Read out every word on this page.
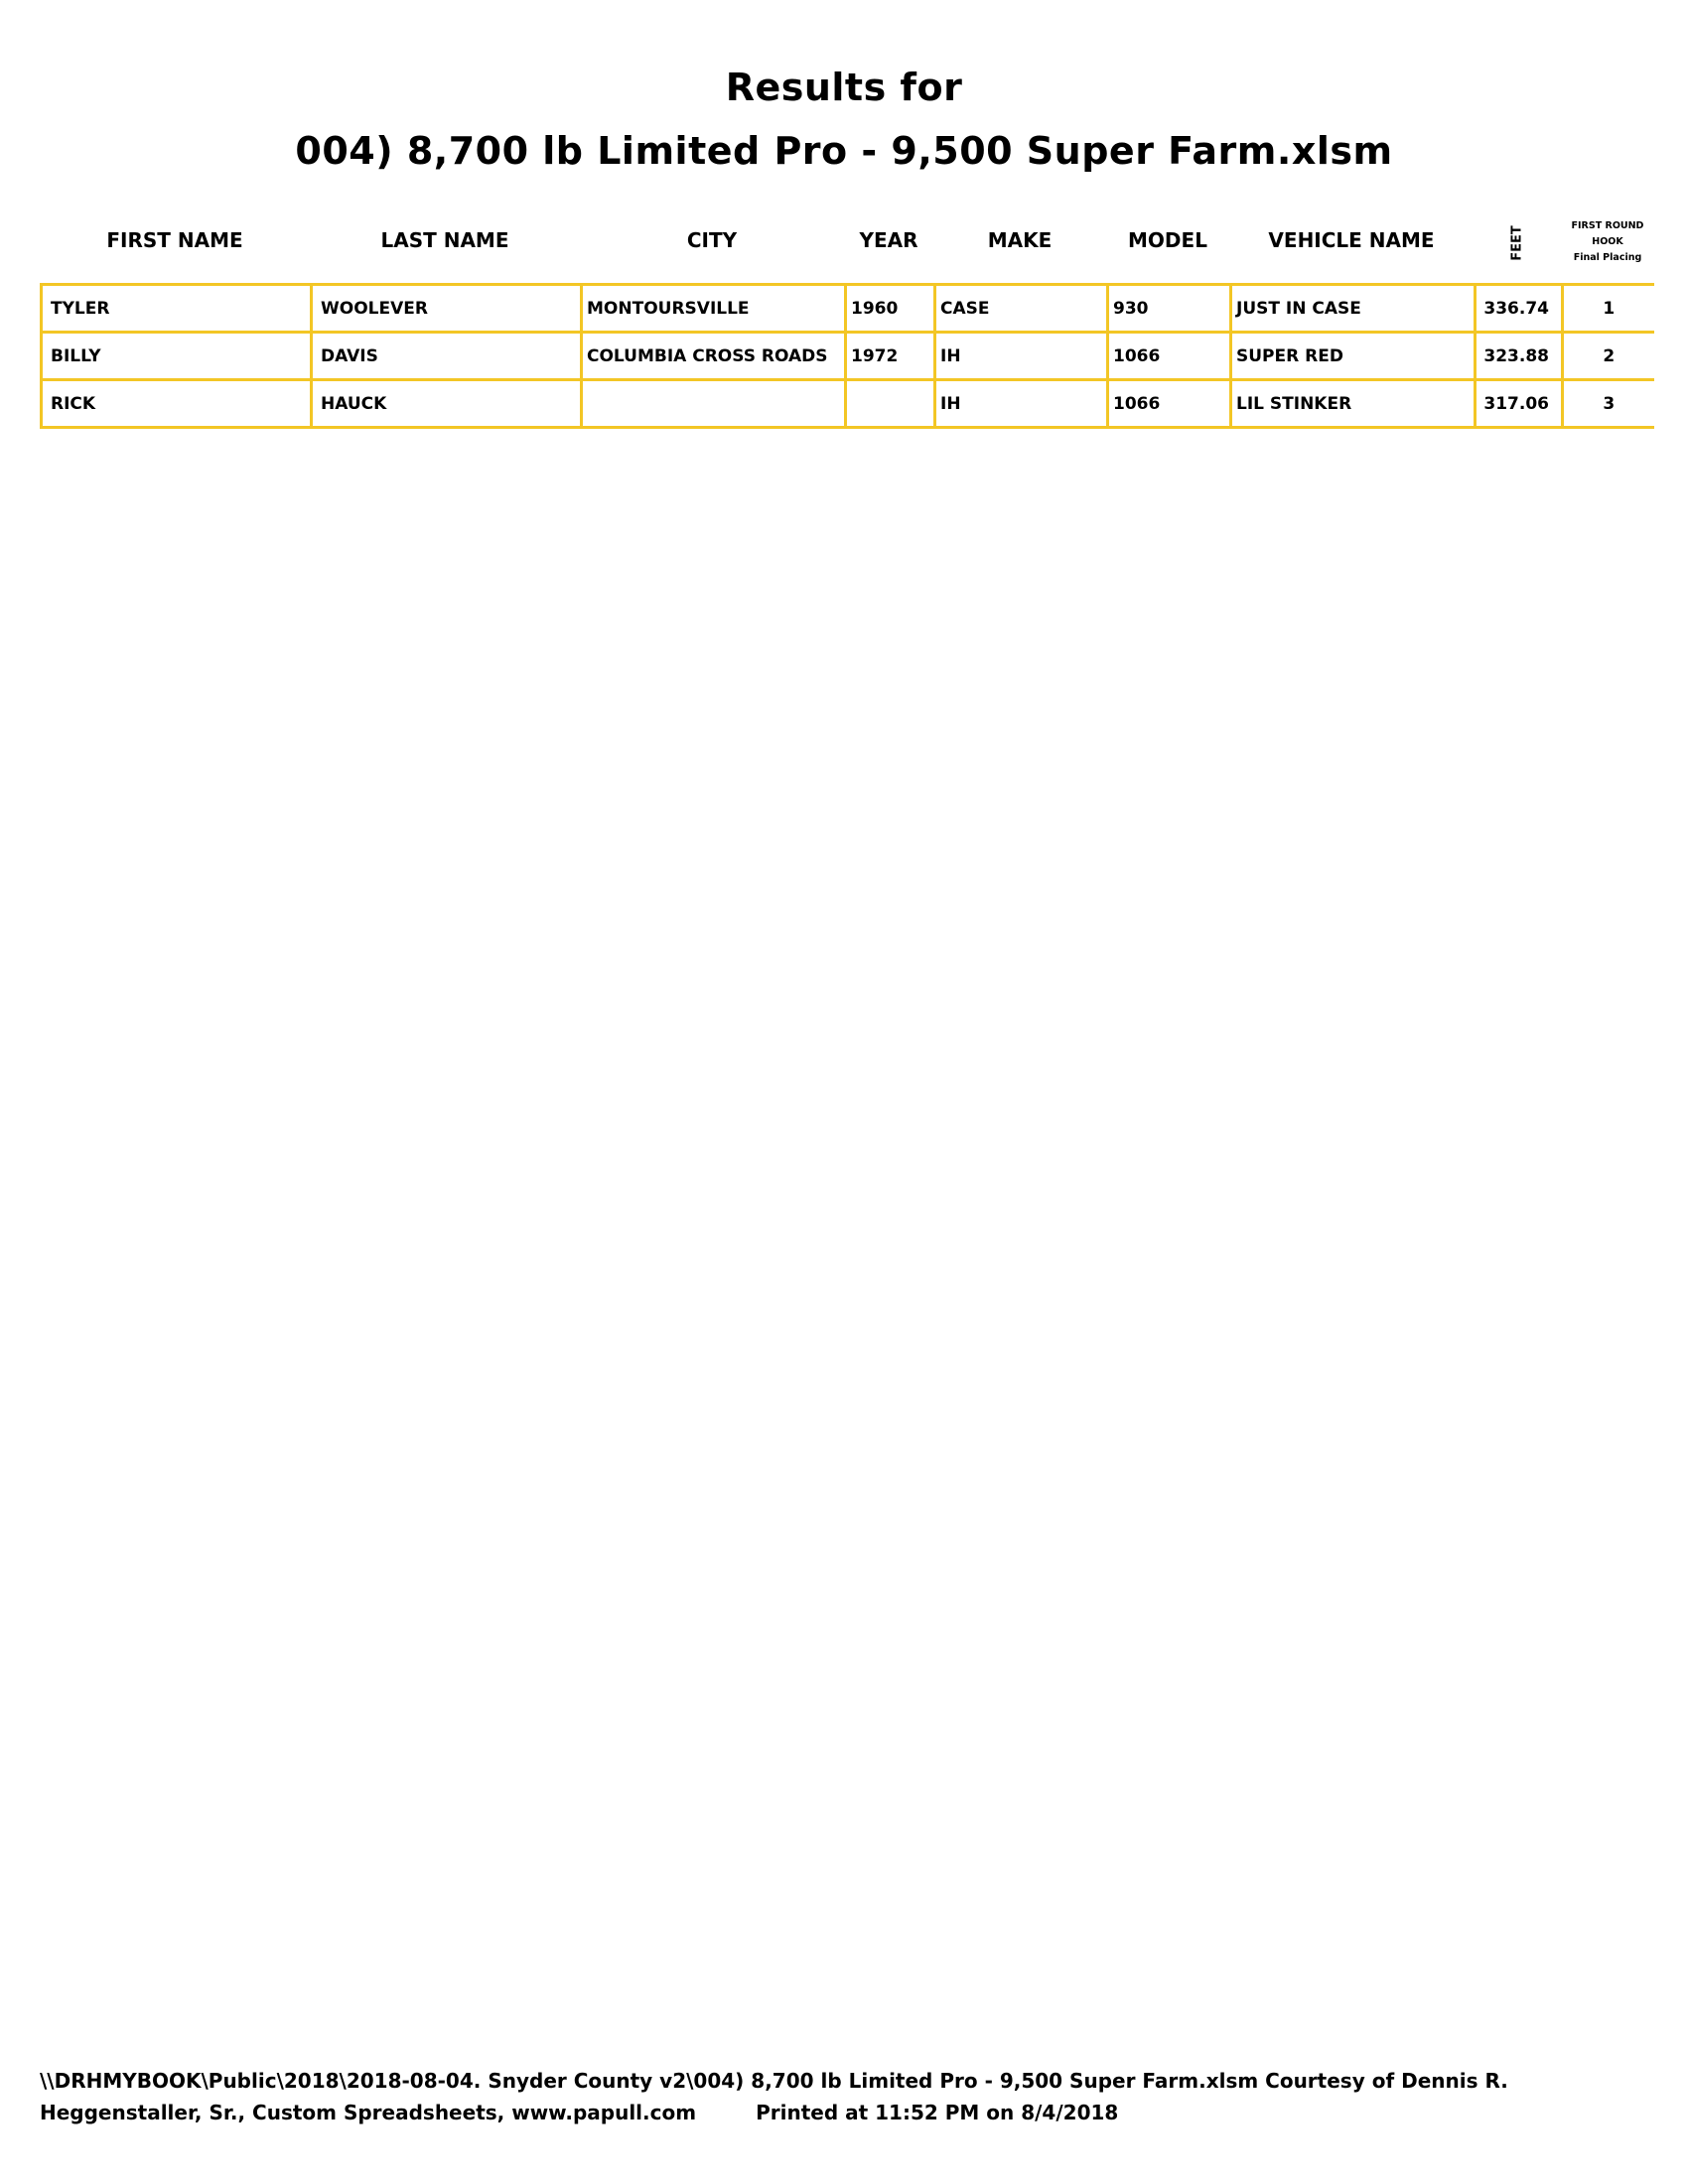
Results for
004) 8,700 lb Limited Pro - 9,500 Super Farm.xlsm
FIRST NAME	LAST NAME	CITY	YEAR	MAKE	MODEL	VEHICLE NAME	FEET	FIRST ROUND
HOOK
Final Placing
TYLER	WOOLEVER	MONTOURSVILLE	1960	CASE	930	JUST IN CASE	336.74	1
BILLY	DAVIS	COLUMBIA CROSS ROADS	1972	IH	1066	SUPER RED	323.88	2
RICK	HAUCK			IH	1066	LIL STINKER	317.06	3
\\DRHMYBOOK\Public\2018\2018-08-04. Snyder County v2\004) 8,700 lb Limited Pro - 9,500 Super Farm.xlsm Courtesy of Dennis R.
Heggenstaller, Sr., Custom Spreadsheets, www.papull.com	Printed at 11:52 PM on 8/4/2018
